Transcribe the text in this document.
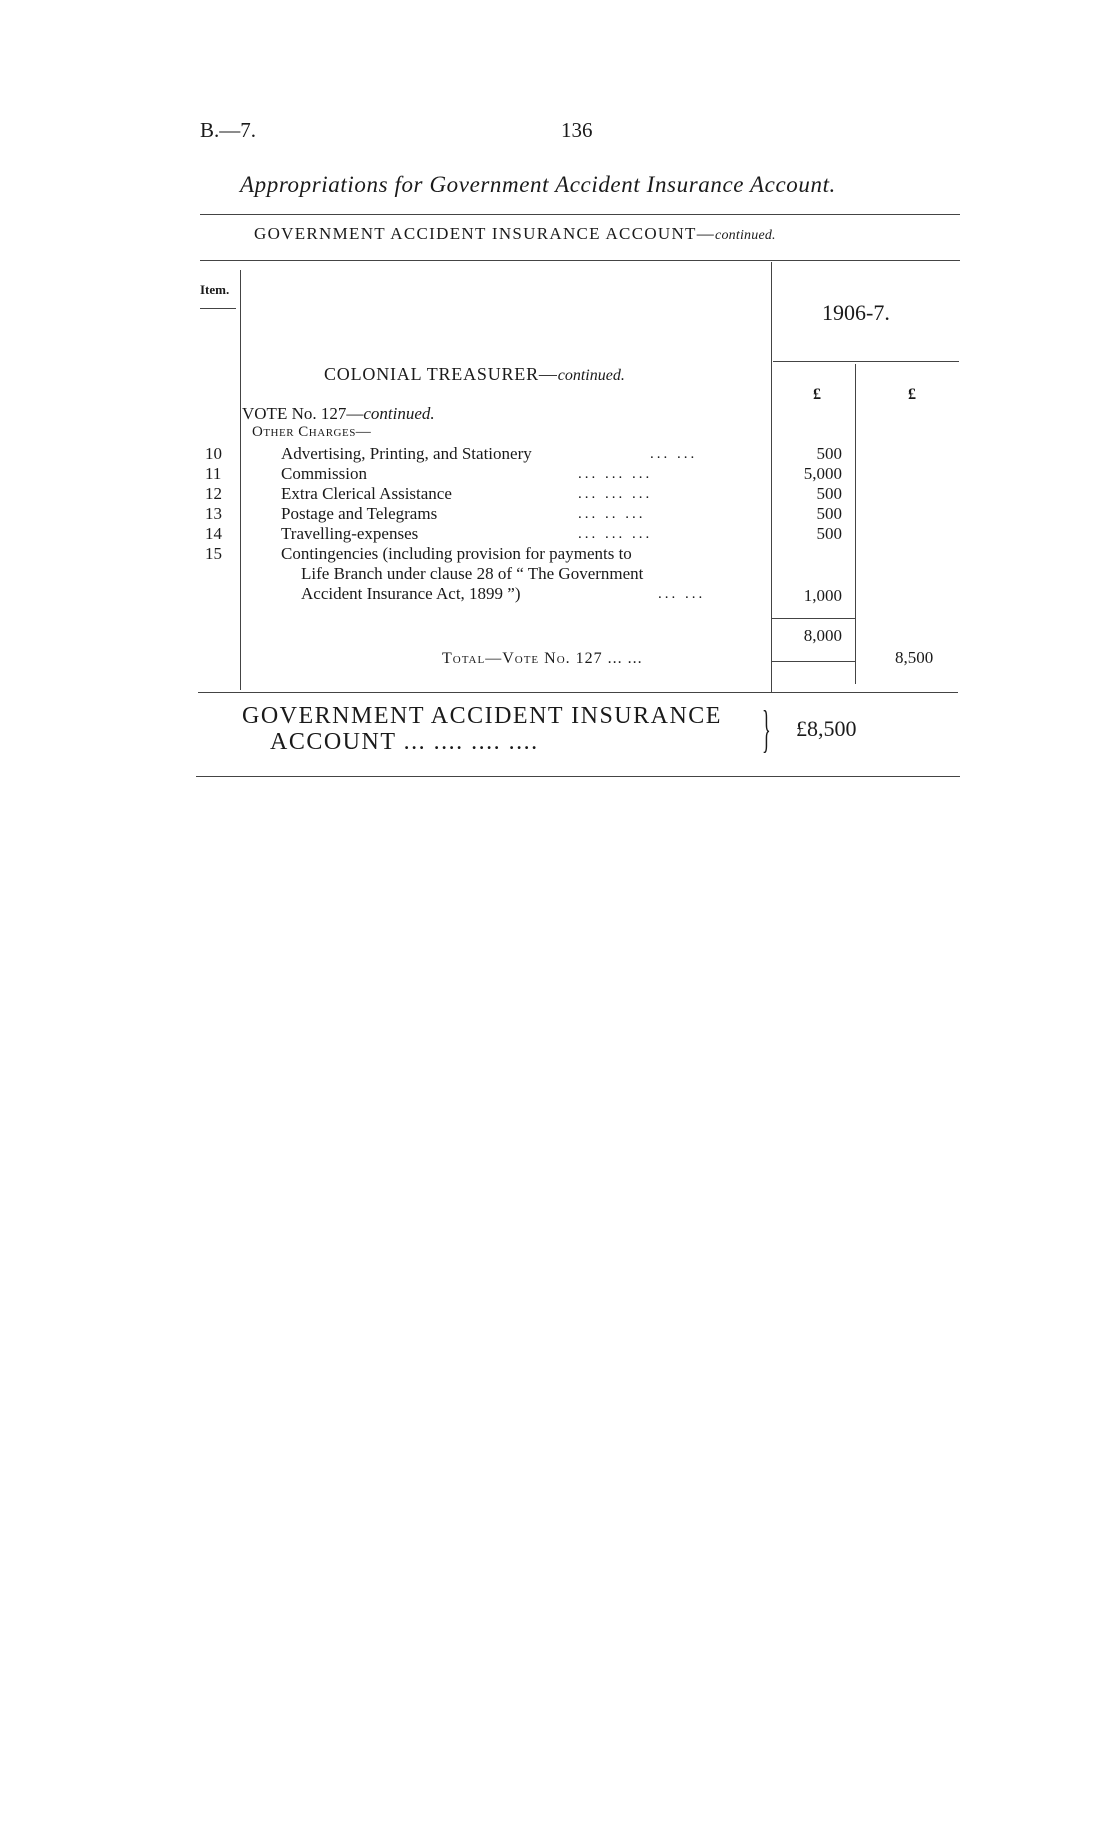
B.—7.	136
Appropriations for Government Accident Insurance Account.
GOVERNMENT ACCIDENT INSURANCE ACCOUNT—continued.
Item.
1906-7.
£	£
COLONIAL TREASURER—continued.
VOTE No. 127—continued.
Other Charges—
10	Advertising, Printing, and Stationery	... ...	500
11	Commission	... ... ...	5,000
12	Extra Clerical Assistance	... ... ...	500
13	Postage and Telegrams	... .. ...	500
14	Travelling-expenses	... ... ...	500
15	Contingencies (including provision for payments to
Life Branch under clause 28 of “ The Government
Accident Insurance Act, 1899 ”)	... ...	1,000
8,000
Total—Vote No. 127 ... ...	8,500
GOVERNMENT ACCIDENT INSURANCE
ACCOUNT ... .... .... ....	} £8,500
